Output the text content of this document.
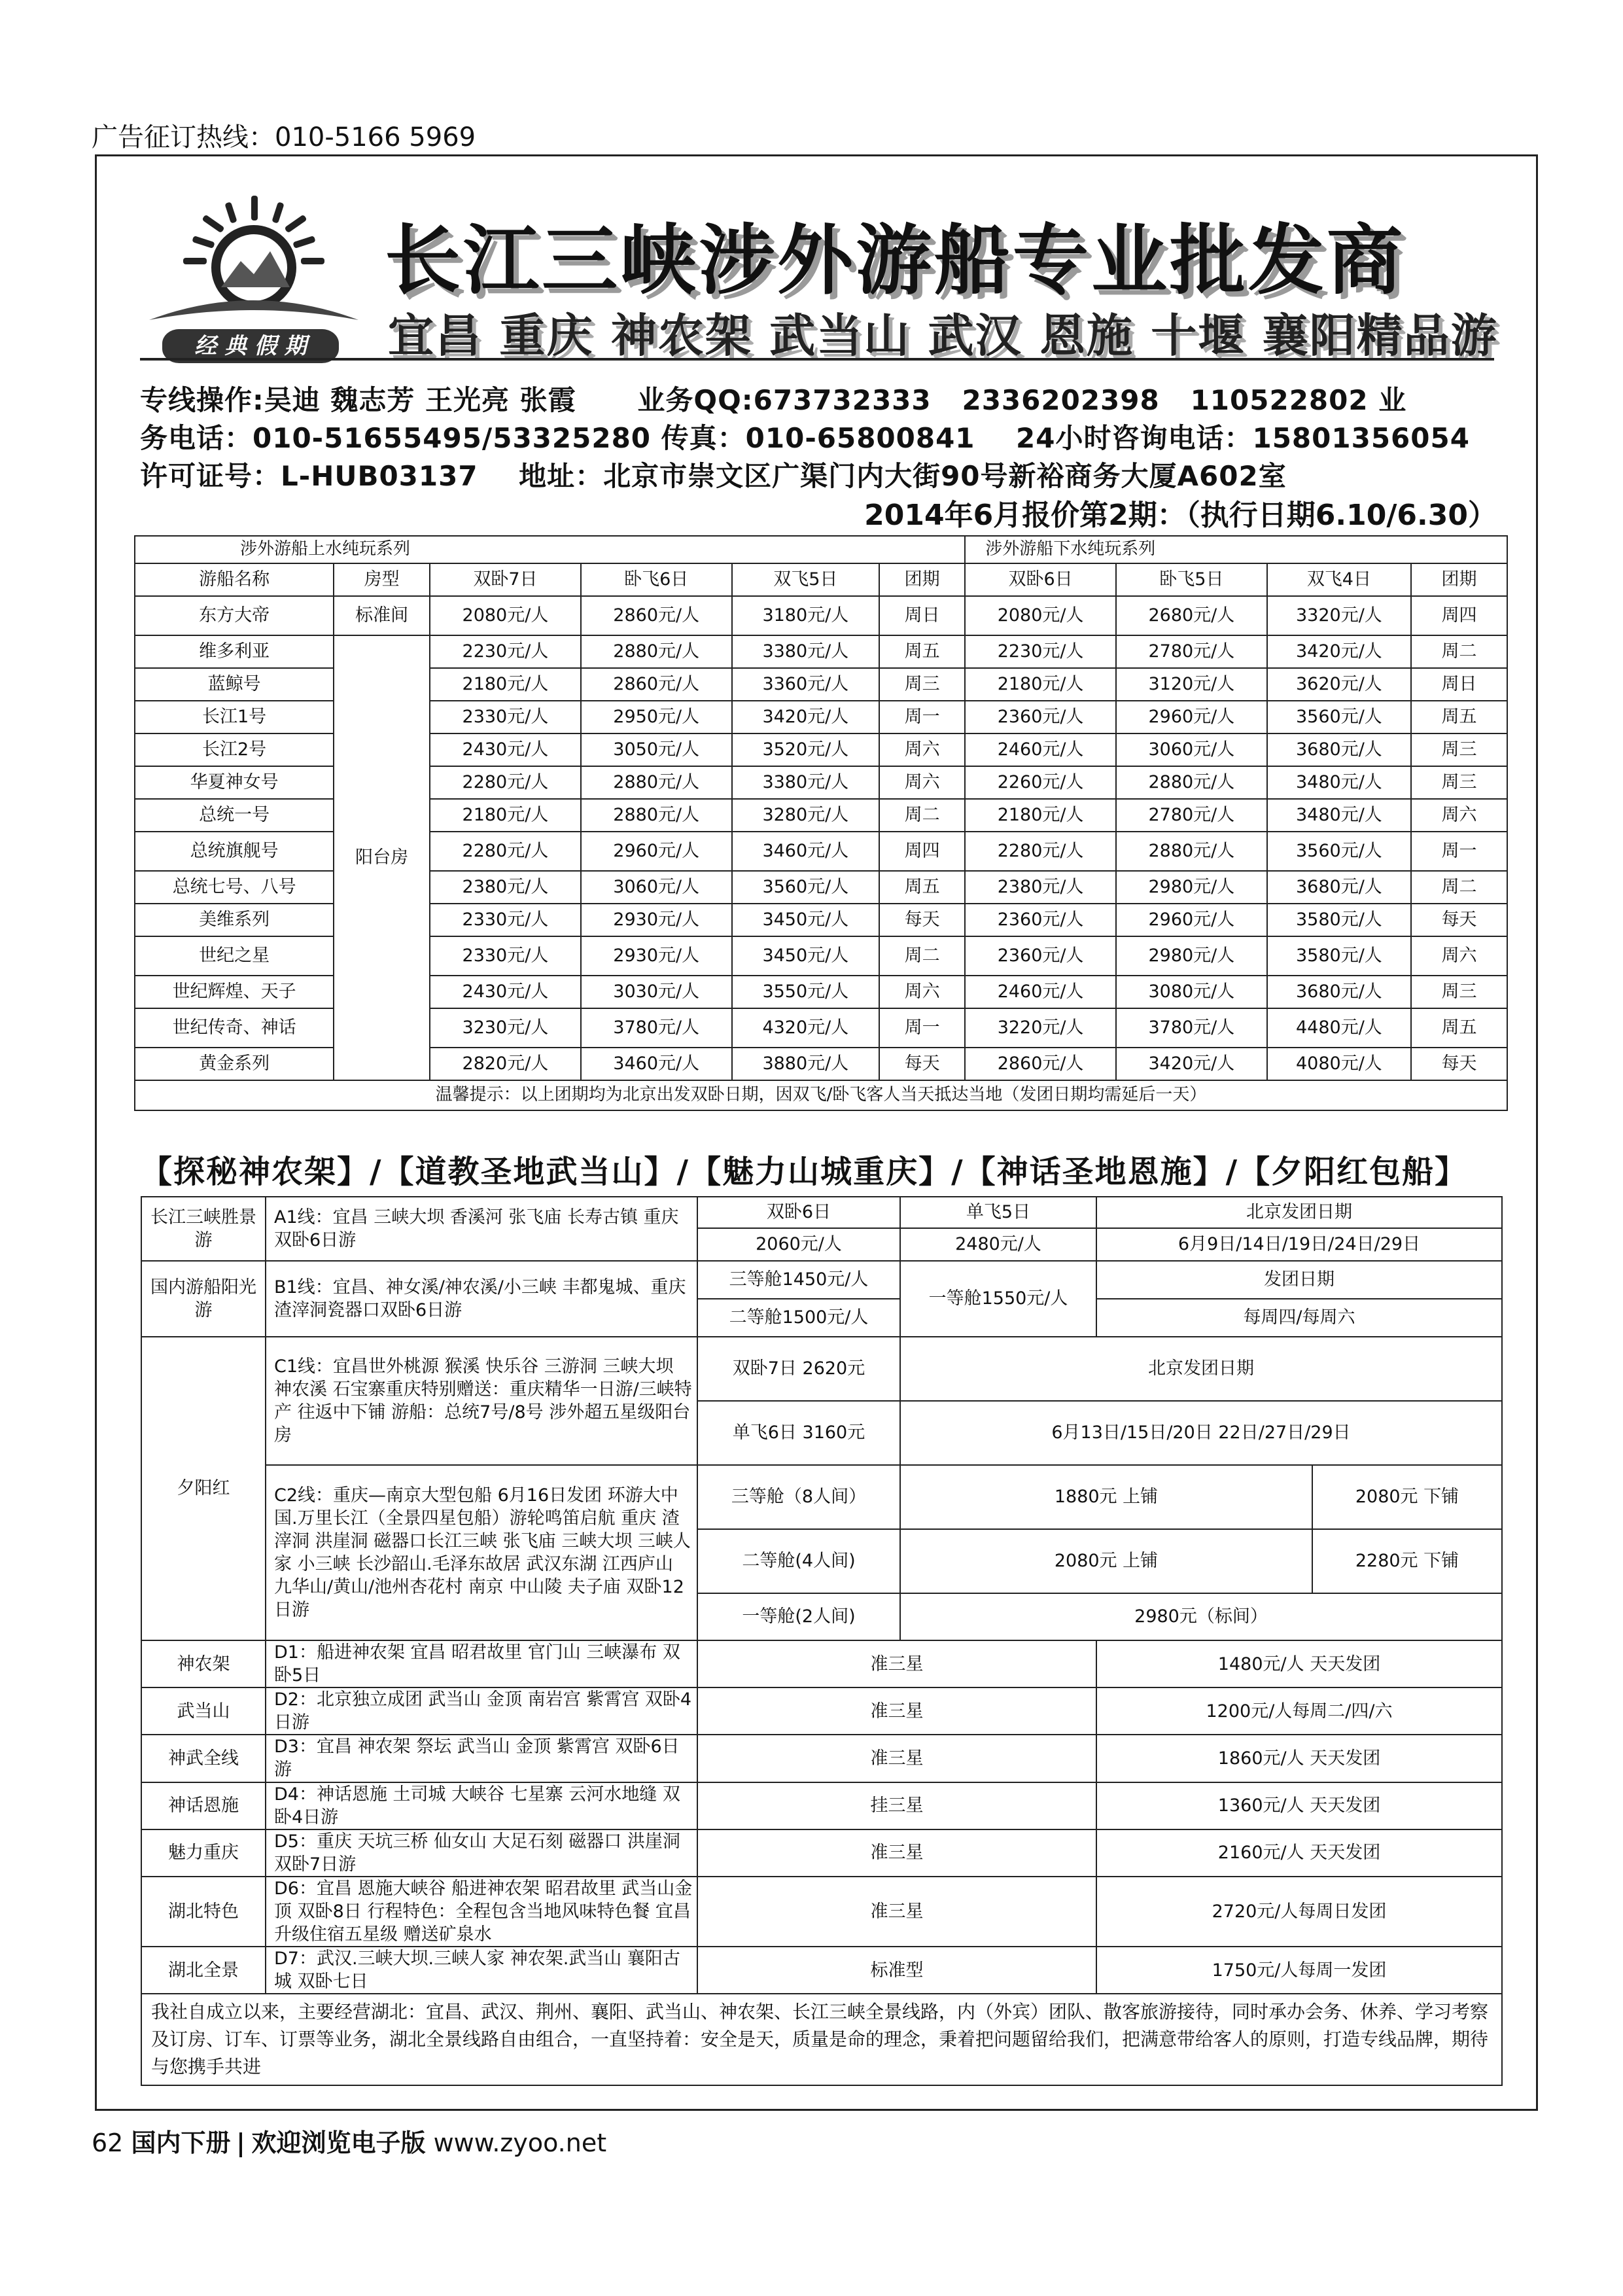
广告征订热线：010-5166 5969
经 典 假 期
长江三峡涉外游船专业批发商
宜昌 重庆 神农架 武当山 武汉 恩施 十堰 襄阳精品游
专线操作:吴迪 魏志芳 王光亮 张霞      业务QQ:673732333   2336202398   110522802 业
务电话：010-51655495/53325280 传真：010-65800841    24小时咨询电话：15801356054
许可证号：L-HUB03137    地址：北京市崇文区广渠门内大街90号新裕商务大厦A602室
2014年6月报价第2期：（执行日期6.10/6.30）
涉外游船上水纯玩系列						涉外游船下水纯玩系列			
游船名称	房型	双卧7日	卧飞6日	双飞5日	团期	双卧6日	卧飞5日	双飞4日	团期
东方大帝	标准间	2080元/人	2860元/人	3180元/人	周日	2080元/人	2680元/人	3320元/人	周四
维多利亚	阳台房	2230元/人	2880元/人	3380元/人	周五	2230元/人	2780元/人	3420元/人	周二
蓝鲸号		2180元/人	2860元/人	3360元/人	周三	2180元/人	3120元/人	3620元/人	周日
长江1号		2330元/人	2950元/人	3420元/人	周一	2360元/人	2960元/人	3560元/人	周五
长江2号		2430元/人	3050元/人	3520元/人	周六	2460元/人	3060元/人	3680元/人	周三
华夏神女号		2280元/人	2880元/人	3380元/人	周六	2260元/人	2880元/人	3480元/人	周三
总统一号		2180元/人	2880元/人	3280元/人	周二	2180元/人	2780元/人	3480元/人	周六
总统旗舰号		2280元/人	2960元/人	3460元/人	周四	2280元/人	2880元/人	3560元/人	周一
总统七号、八号		2380元/人	3060元/人	3560元/人	周五	2380元/人	2980元/人	3680元/人	周二
美维系列		2330元/人	2930元/人	3450元/人	每天	2360元/人	2960元/人	3580元/人	每天
世纪之星		2330元/人	2930元/人	3450元/人	周二	2360元/人	2980元/人	3580元/人	周六
世纪辉煌、天子		2430元/人	3030元/人	3550元/人	周六	2460元/人	3080元/人	3680元/人	周三
世纪传奇、神话		3230元/人	3780元/人	4320元/人	周一	3220元/人	3780元/人	4480元/人	周五
黄金系列		2820元/人	3460元/人	3880元/人	每天	2860元/人	3420元/人	4080元/人	每天
温馨提示：以上团期均为北京出发双卧日期，因双飞/卧飞客人当天抵达当地（发团日期均需延后一天）									
【探秘神农架】/【道教圣地武当山】/【魅力山城重庆】/【神话圣地恩施】/【夕阳红包船】
长江三峡胜景游	A1线：宜昌 三峡大坝 香溪河 张飞庙 长寿古镇 重庆双卧6日游	双卧6日	单飞5日	北京发团日期	
		2060元/人	2480元/人	6月9日/14日/19日/24日/29日	
国内游船阳光游	B1线：宜昌、神女溪/神农溪/小三峡 丰都鬼城、重庆渣滓洞瓷器口双卧6日游	三等舱1450元/人	一等舱1550元/人	发团日期	
		二等舱1500元/人		每周四/每周六	
夕阳红	C1线：宜昌世外桃源 猴溪 快乐谷 三游洞 三峡大坝 神农溪 石宝寨重庆特别赠送：重庆精华一日游/三峡特产 往返中下铺 游船：总统7号/8号 涉外超五星级阳台房	双卧7日 2620元	北京发团日期		
		单飞6日 3160元	6月13日/15日/20日 22日/27日/29日		
	C2线：重庆—南京大型包船 6月16日发团 环游大中国.万里长江（全景四星包船）游轮鸣笛启航 重庆 渣滓洞 洪崖洞 磁器口长江三峡 张飞庙 三峡大坝 三峡人家 小三峡 长沙韶山.毛泽东故居 武汉东湖 江西庐山 九华山/黄山/池州杏花村 南京 中山陵 夫子庙 双卧12日游	三等舱（8人间）	1880元 上铺		2080元 下铺
		二等舱(4人间)	2080元 上铺		2280元 下铺
		一等舱(2人间)	2980元（标间）		
神农架	D1：船进神农架 宜昌 昭君故里 官门山 三峡瀑布 双卧5日	准三星		1480元/人 天天发团	
武当山	D2：北京独立成团 武当山 金顶 南岩宫 紫霄宫 双卧4日游	准三星		1200元/人每周二/四/六	
神武全线	D3：宜昌 神农架 祭坛 武当山 金顶 紫霄宫 双卧6日游	准三星		1860元/人 天天发团	
神话恩施	D4：神话恩施 土司城 大峡谷 七星寨 云河水地缝 双卧4日游	挂三星		1360元/人 天天发团	
魅力重庆	D5：重庆 天坑三桥 仙女山 大足石刻 磁器口 洪崖洞 双卧7日游	准三星		2160元/人 天天发团	
湖北特色	D6：宜昌 恩施大峡谷 船进神农架 昭君故里 武当山金顶 双卧8日 行程特色：全程包含当地风味特色餐 宜昌升级住宿五星级 赠送矿泉水	准三星		2720元/人每周日发团	
湖北全景	D7：武汉.三峡大坝.三峡人家 神农架.武当山 襄阳古城 双卧七日	标准型		1750元/人每周一发团	
我社自成立以来，主要经营湖北：宜昌、武汉、荆州、襄阳、武当山、神农架、长江三峡全景线路，内（外宾）团队、散客旅游接待，同时承办会务、休养、学习考察及订房、订车、订票等业务，湖北全景线路自由组合，一直坚持着：安全是天，质量是命的理念，秉着把问题留给我们，把满意带给客人的原则，打造专线品牌，期待与您携手共进					
62 国内下册 欢迎浏览电子版 www.zyoo.net
